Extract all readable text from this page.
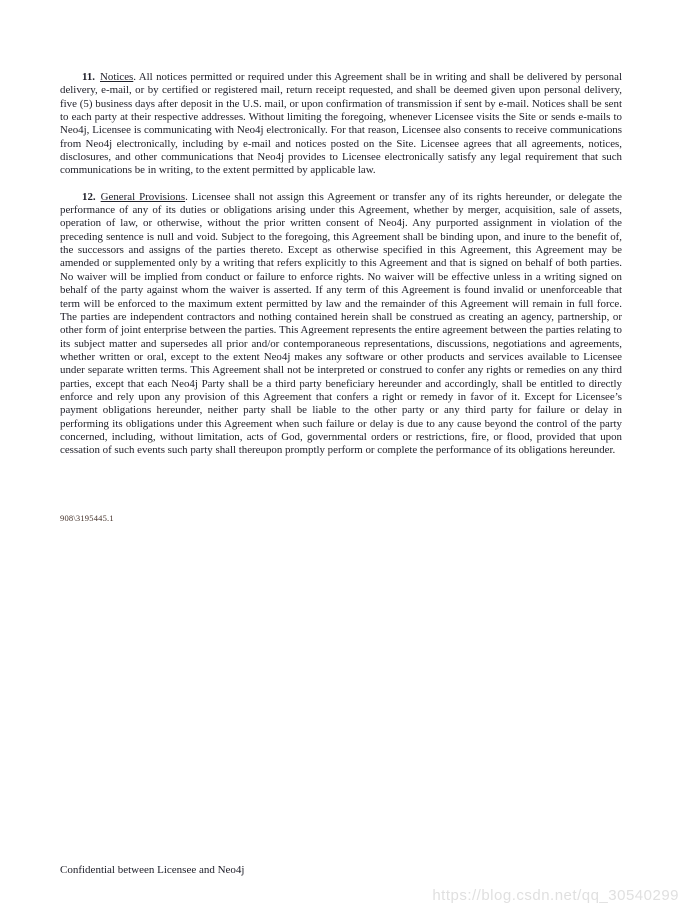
11. Notices. All notices permitted or required under this Agreement shall be in writing and shall be delivered by personal delivery, e-mail, or by certified or registered mail, return receipt requested, and shall be deemed given upon personal delivery, five (5) business days after deposit in the U.S. mail, or upon confirmation of transmission if sent by e-mail. Notices shall be sent to each party at their respective addresses. Without limiting the foregoing, whenever Licensee visits the Site or sends e-mails to Neo4j, Licensee is communicating with Neo4j electronically. For that reason, Licensee also consents to receive communications from Neo4j electronically, including by e-mail and notices posted on the Site. Licensee agrees that all agreements, notices, disclosures, and other communications that Neo4j provides to Licensee electronically satisfy any legal requirement that such communications be in writing, to the extent permitted by applicable law.

12. General Provisions. Licensee shall not assign this Agreement or transfer any of its rights hereunder, or delegate the performance of any of its duties or obligations arising under this Agreement, whether by merger, acquisition, sale of assets, operation of law, or otherwise, without the prior written consent of Neo4j. Any purported assignment in violation of the preceding sentence is null and void. Subject to the foregoing, this Agreement shall be binding upon, and inure to the benefit of, the successors and assigns of the parties thereto. Except as otherwise specified in this Agreement, this Agreement may be amended or supplemented only by a writing that refers explicitly to this Agreement and that is signed on behalf of both parties. No waiver will be implied from conduct or failure to enforce rights. No waiver will be effective unless in a writing signed on behalf of the party against whom the waiver is asserted. If any term of this Agreement is found invalid or unenforceable that term will be enforced to the maximum extent permitted by law and the remainder of this Agreement will remain in full force. The parties are independent contractors and nothing contained herein shall be construed as creating an agency, partnership, or other form of joint enterprise between the parties. This Agreement represents the entire agreement between the parties relating to its subject matter and supersedes all prior and/or contemporaneous representations, discussions, negotiations and agreements, whether written or oral, except to the extent Neo4j makes any software or other products and services available to Licensee under separate written terms. This Agreement shall not be interpreted or construed to confer any rights or remedies on any third parties, except that each Neo4j Party shall be a third party beneficiary hereunder and accordingly, shall be entitled to directly enforce and rely upon any provision of this Agreement that confers a right or remedy in favor of it. Except for Licensee’s payment obligations hereunder, neither party shall be liable to the other party or any third party for failure or delay in performing its obligations under this Agreement when such failure or delay is due to any cause beyond the control of the party concerned, including, without limitation, acts of God, governmental orders or restrictions, fire, or flood, provided that upon cessation of such events such party shall thereupon promptly perform or complete the performance of its obligations hereunder.

908\3195445.1
Confidential between Licensee and Neo4j
https://blog.csdn.net/qq_30540299
